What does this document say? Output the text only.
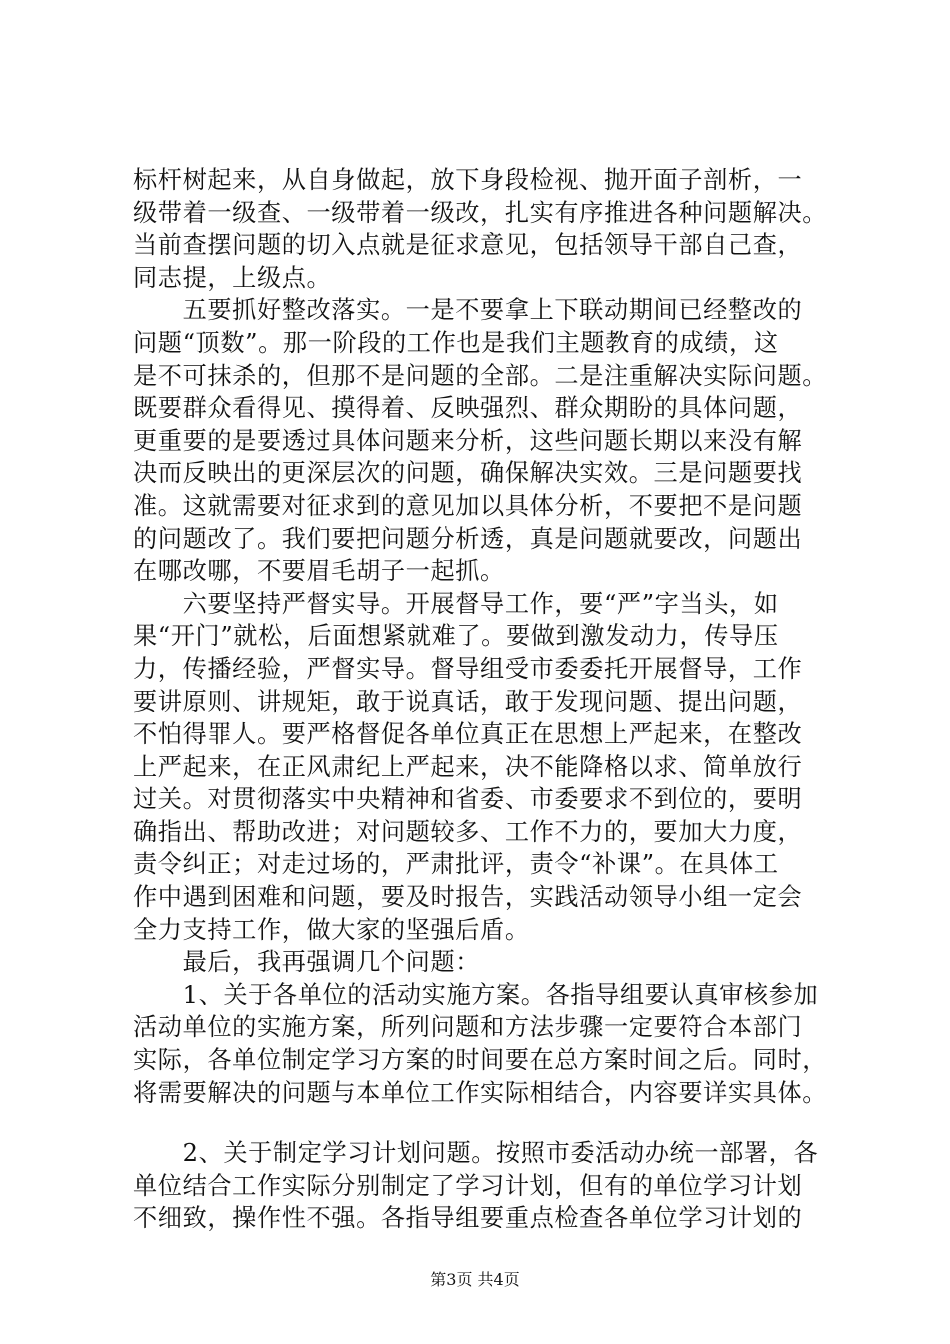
标杆树起来，从自身做起，放下身段检视、抛开面子剖析，一
级带着一级查、一级带着一级改，扎实有序推进各种问题解决。
当前查摆问题的切入点就是征求意见，包括领导干部自己查，
同志提，上级点。
　　五要抓好整改落实。一是不要拿上下联动期间已经整改的
问题“顶数”。那一阶段的工作也是我们主题教育的成绩，这
是不可抹杀的，但那不是问题的全部。二是注重解决实际问题。
既要群众看得见、摸得着、反映强烈、群众期盼的具体问题，
更重要的是要透过具体问题来分析，这些问题长期以来没有解
决而反映出的更深层次的问题，确保解决实效。三是问题要找
准。这就需要对征求到的意见加以具体分析，不要把不是问题
的问题改了。我们要把问题分析透，真是问题就要改，问题出
在哪改哪，不要眉毛胡子一起抓。
　　六要坚持严督实导。开展督导工作，要“严”字当头，如
果“开门”就松，后面想紧就难了。要做到激发动力，传导压
力，传播经验，严督实导。督导组受市委委托开展督导，工作
要讲原则、讲规矩，敢于说真话，敢于发现问题、提出问题，
不怕得罪人。要严格督促各单位真正在思想上严起来，在整改
上严起来，在正风肃纪上严起来，决不能降格以求、简单放行
过关。对贯彻落实中央精神和省委、市委要求不到位的，要明
确指出、帮助改进；对问题较多、工作不力的，要加大力度，
责令纠正；对走过场的，严肃批评，责令“补课”。在具体工
作中遇到困难和问题，要及时报告，实践活动领导小组一定会
全力支持工作，做大家的坚强后盾。
　　最后，我再强调几个问题：
　　1、关于各单位的活动实施方案。各指导组要认真审核参加
活动单位的实施方案，所列问题和方法步骤一定要符合本部门
实际，各单位制定学习方案的时间要在总方案时间之后。同时，
将需要解决的问题与本单位工作实际相结合，内容要详实具体。
　　2、关于制定学习计划问题。按照市委活动办统一部署，各
单位结合工作实际分别制定了学习计划，但有的单位学习计划
不细致，操作性不强。各指导组要重点检查各单位学习计划的
第3页 共4页
